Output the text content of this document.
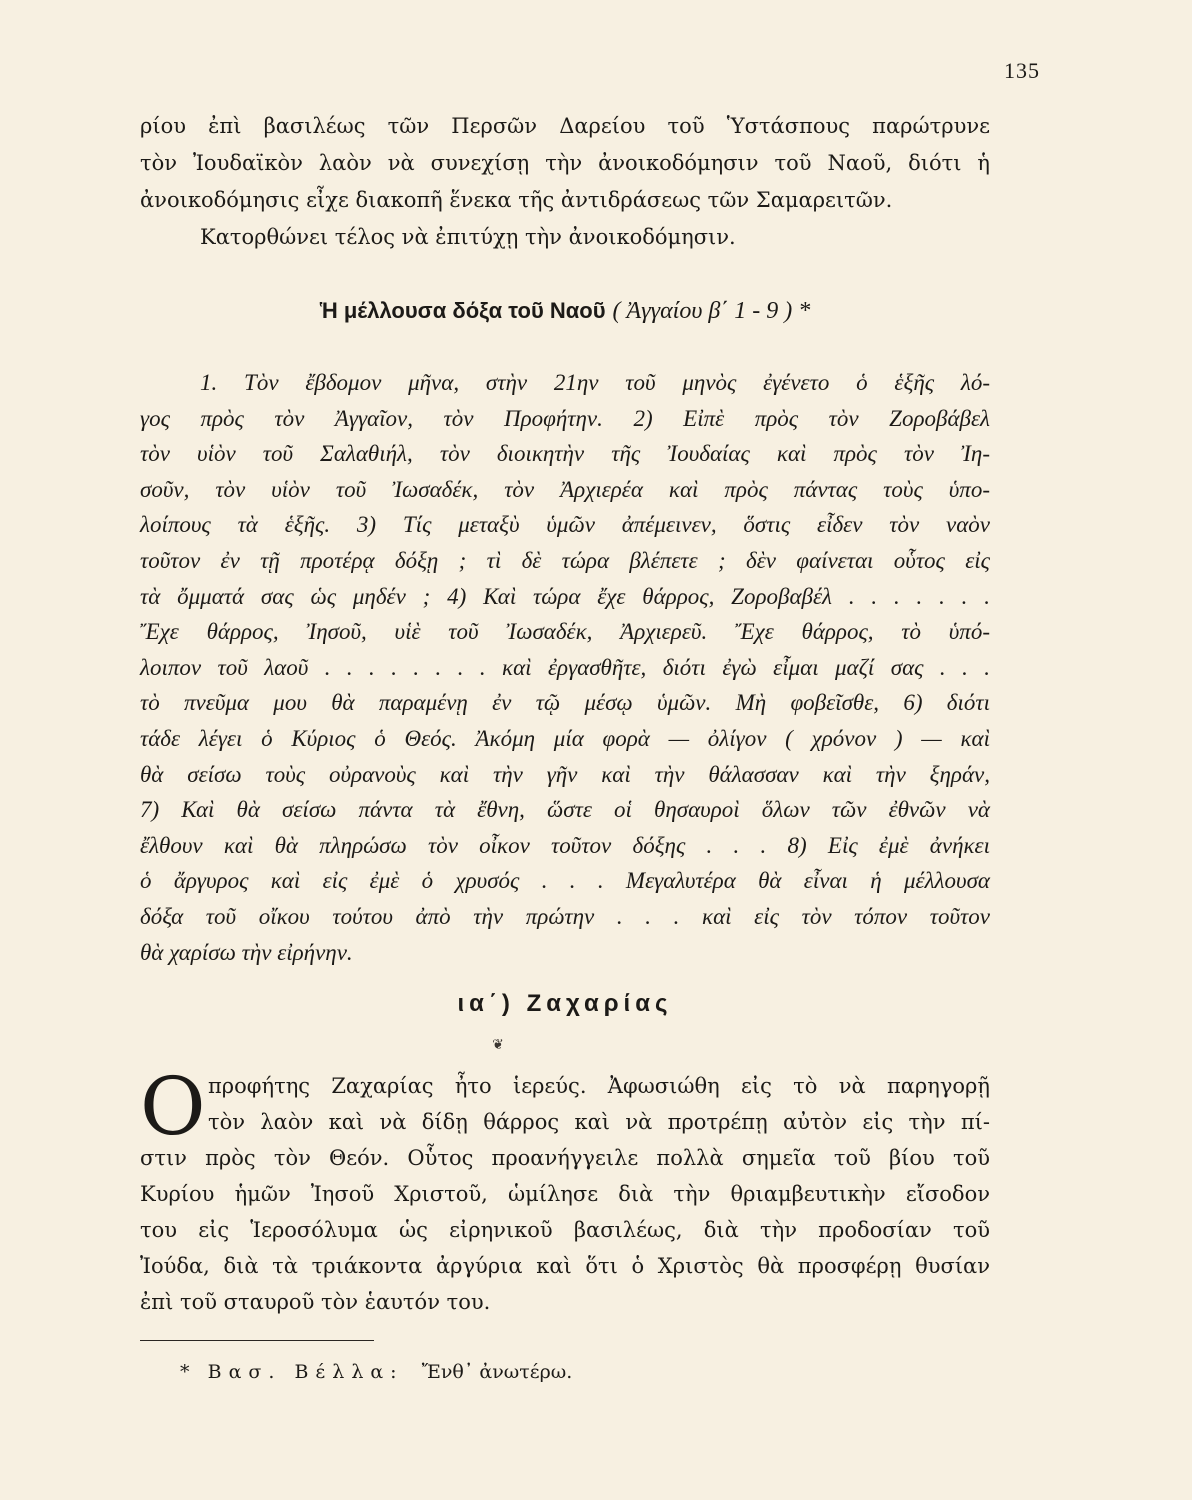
135
ρίου ἐπὶ βασιλέως τῶν Περσῶν Δαρείου τοῦ Ὑστάσπους παρώτρυνε
τὸν Ἰουδαϊκὸν λαὸν νὰ συνεχίσῃ τὴν ἀνοικοδόμησιν τοῦ Ναοῦ, διότι ἡ
ἀνοικοδόμησις εἶχε διακοπῆ ἕνεκα τῆς ἀντιδράσεως τῶν Σαμαρειτῶν.
Κατορθώνει τέλος νὰ ἐπιτύχῃ τὴν ἀνοικοδόμησιν.
Ἡ μέλλουσα δόξα τοῦ Ναοῦ ( Ἀγγαίου β΄ 1 - 9 ) *
1. Τὸν ἔβδομον μῆνα, στὴν 21ην τοῦ μηνὸς ἐγένετο ὁ ἑξῆς λό-
γος πρὸς τὸν Ἀγγαῖον, τὸν Προφήτην. 2) Εἰπὲ πρὸς τὸν Ζοροβάβελ
τὸν υἱὸν τοῦ Σαλαθιήλ, τὸν διοικητὴν τῆς Ἰουδαίας καὶ πρὸς τὸν Ἰη-
σοῦν, τὸν υἱὸν τοῦ Ἰωσαδέκ, τὸν Ἀρχιερέα καὶ πρὸς πάντας τοὺς ὑπο-
λοίπους τὰ ἑξῆς. 3) Τίς μεταξὺ ὑμῶν ἀπέμεινεν, ὅστις εἶδεν τὸν ναὸν
τοῦτον ἐν τῇ προτέρᾳ δόξῃ ; τὶ δὲ τώρα βλέπετε ; δὲν φαίνεται οὗτος εἰς
τὰ ὄμματά σας ὡς μηδέν ; 4) Καὶ τώρα ἔχε θάρρος, Ζοροβαβέλ . . . . . . .
Ἔχε θάρρος, Ἰησοῦ, υἱὲ τοῦ Ἰωσαδέκ, Ἀρχιερεῦ. Ἔχε θάρρος, τὸ ὑπό-
λοιπον τοῦ λαοῦ . . . . . . . . καὶ ἐργασθῆτε, διότι ἐγὼ εἶμαι μαζί σας . . .
τὸ πνεῦμα μου θὰ παραμένῃ ἐν τῷ μέσῳ ὑμῶν. Μὴ φοβεῖσθε, 6) διότι
τάδε λέγει ὁ Κύριος ὁ Θεός. Ἀκόμη μία φορὰ — ὀλίγον ( χρόνον ) — καὶ
θὰ σείσω τοὺς οὐρανοὺς καὶ τὴν γῆν καὶ τὴν θάλασσαν καὶ τὴν ξηράν,
7) Καὶ θὰ σείσω πάντα τὰ ἔθνη, ὥστε οἱ θησαυροὶ ὅλων τῶν ἐθνῶν νὰ
ἔλθουν καὶ θὰ πληρώσω τὸν οἶκον τοῦτον δόξης . . . 8) Εἰς ἐμὲ ἀνήκει
ὁ ἄργυρος καὶ εἰς ἐμὲ ὁ χρυσός . . . Μεγαλυτέρα θὰ εἶναι ἡ μέλλουσα
δόξα τοῦ οἴκου τούτου ἀπὸ τὴν πρώτην . . . καὶ εἰς τὸν τόπον τοῦτον
θὰ χαρίσω τὴν εἰρήνην.
ια΄) Ζαχαρίας
❦
Ο προφήτης Ζαχαρίας ἦτο ἱερεύς. Ἀφωσιώθη εἰς τὸ νὰ παρηγορῇ
τὸν λαὸν καὶ νὰ δίδῃ θάρρος καὶ νὰ προτρέπῃ αὐτὸν εἰς τὴν πί-
στιν πρὸς τὸν Θεόν. Οὗτος προανήγγειλε πολλὰ σημεῖα τοῦ βίου τοῦ
Κυρίου ἡμῶν Ἰησοῦ Χριστοῦ, ὡμίλησε διὰ τὴν θριαμβευτικὴν εἴσοδον
του εἰς Ἱεροσόλυμα ὡς εἰρηνικοῦ βασιλέως, διὰ τὴν προδοσίαν τοῦ
Ἰούδα, διὰ τὰ τριάκοντα ἀργύρια καὶ ὅτι ὁ Χριστὸς θὰ προσφέρῃ θυσίαν
ἐπὶ τοῦ σταυροῦ τὸν ἑαυτόν του.
* Βασ. Βέλλα: Ἔνθ᾽ ἀνωτέρω.
